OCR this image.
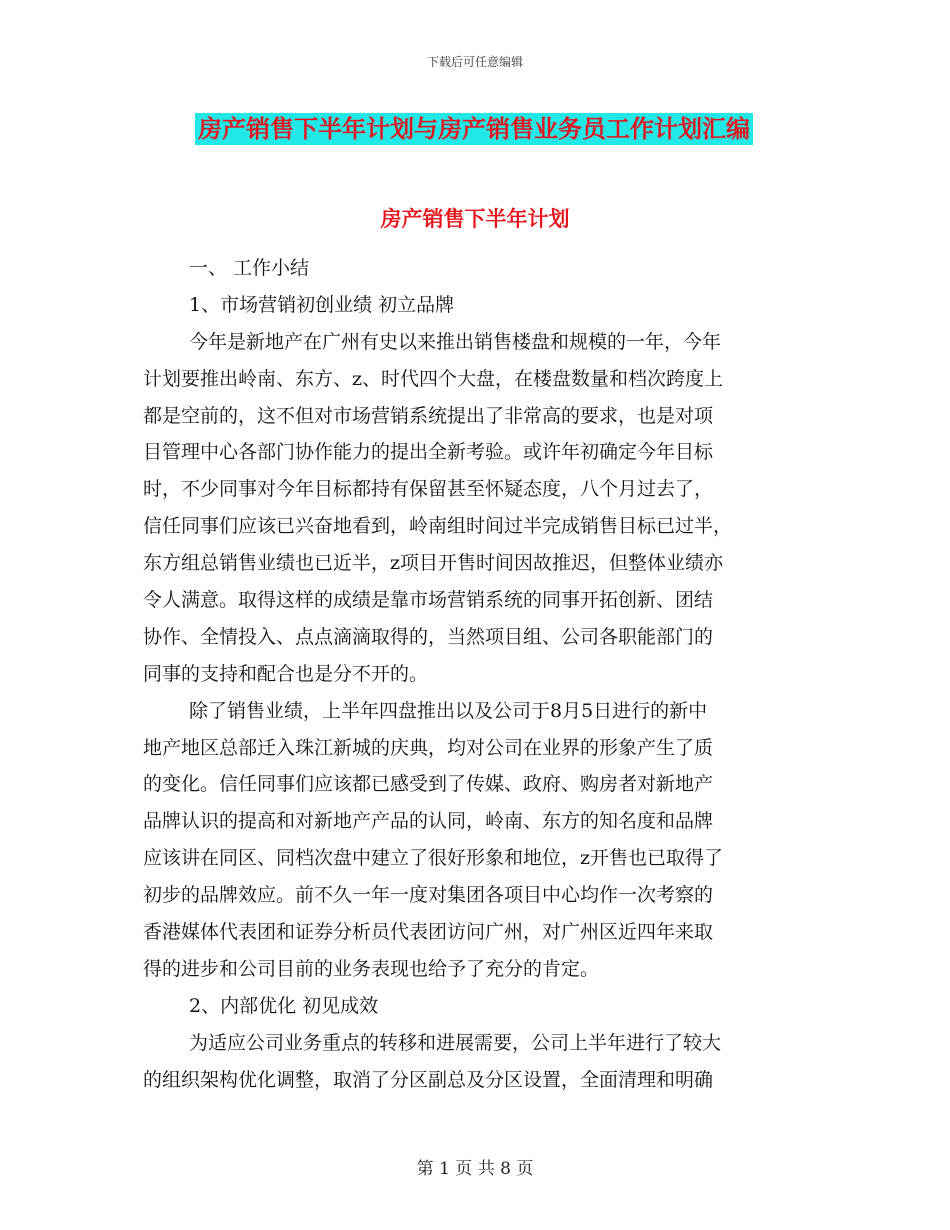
下载后可任意编辑
房产销售下半年计划与房产销售业务员工作计划汇编
房产销售下半年计划
一、 工作小结
1、市场营销初创业绩 初立品牌
今年是新地产在广州有史以来推出销售楼盘和规模的一年，今年
计划要推出岭南、东方、z、时代四个大盘，在楼盘数量和档次跨度上
都是空前的，这不但对市场营销系统提出了非常高的要求，也是对项
目管理中心各部门协作能力的提出全新考验。或许年初确定今年目标
时，不少同事对今年目标都持有保留甚至怀疑态度，八个月过去了，
信任同事们应该已兴奋地看到，岭南组时间过半完成销售目标已过半，
东方组总销售业绩也已近半，z项目开售时间因故推迟，但整体业绩亦
令人满意。取得这样的成绩是靠市场营销系统的同事开拓创新、团结
协作、全情投入、点点滴滴取得的，当然项目组、公司各职能部门的
同事的支持和配合也是分不开的。
除了销售业绩，上半年四盘推出以及公司于8月5日进行的新中
地产地区总部迁入珠江新城的庆典，均对公司在业界的形象产生了质
的变化。信任同事们应该都已感受到了传媒、政府、购房者对新地产
品牌认识的提高和对新地产产品的认同，岭南、东方的知名度和品牌
应该讲在同区、同档次盘中建立了很好形象和地位，z开售也已取得了
初步的品牌效应。前不久一年一度对集团各项目中心均作一次考察的
香港媒体代表团和证券分析员代表团访问广州，对广州区近四年来取
得的进步和公司目前的业务表现也给予了充分的肯定。
2、内部优化 初见成效
为适应公司业务重点的转移和进展需要，公司上半年进行了较大
的组织架构优化调整，取消了分区副总及分区设置，全面清理和明确
第 1 页 共 8 页
